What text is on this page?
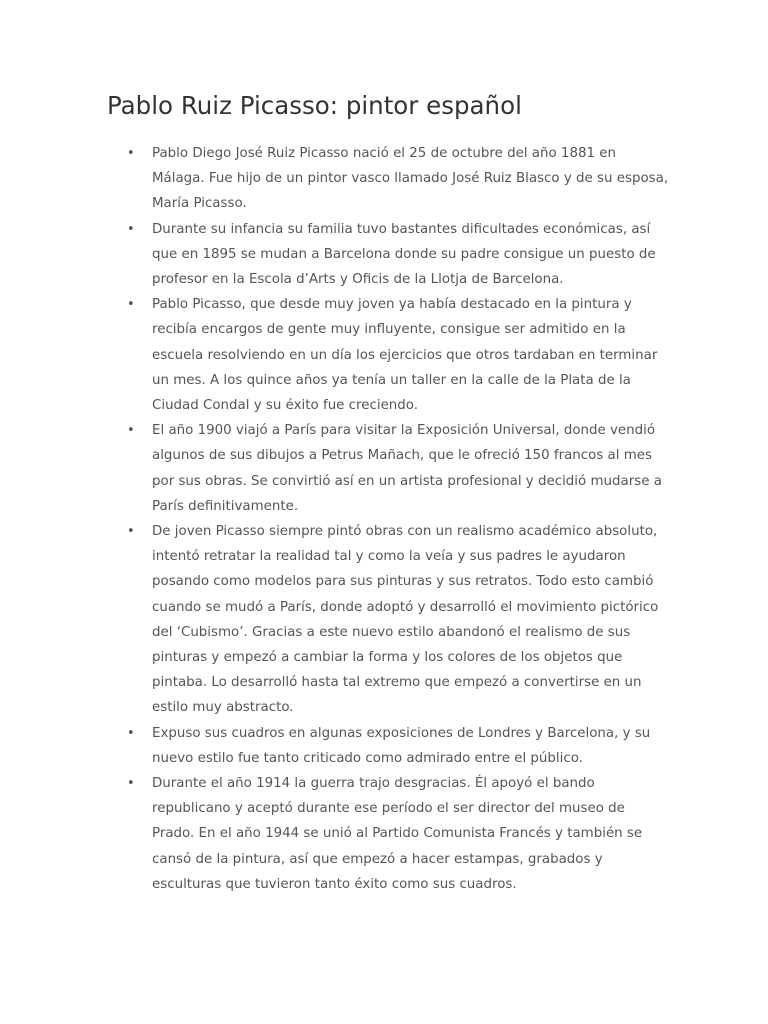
Pablo Ruiz Picasso: pintor español
• Pablo Diego José Ruiz Picasso nació el 25 de octubre del año 1881 en
Málaga. Fue hijo de un pintor vasco llamado José Ruiz Blasco y de su esposa,
María Picasso.
• Durante su infancia su familia tuvo bastantes dificultades económicas, así
que en 1895 se mudan a Barcelona donde su padre consigue un puesto de
profesor en la Escola d’Arts y Oficis de la Llotja de Barcelona.
• Pablo Picasso, que desde muy joven ya había destacado en la pintura y
recibía encargos de gente muy influyente, consigue ser admitido en la
escuela resolviendo en un día los ejercicios que otros tardaban en terminar
un mes. A los quince años ya tenía un taller en la calle de la Plata de la
Ciudad Condal y su éxito fue creciendo.
• El año 1900 viajó a París para visitar la Exposición Universal, donde vendió
algunos de sus dibujos a Petrus Mañach, que le ofreció 150 francos al mes
por sus obras. Se convirtió así en un artista profesional y decidió mudarse a
París definitivamente.
• De joven Picasso siempre pintó obras con un realismo académico absoluto,
intentó retratar la realidad tal y como la veía y sus padres le ayudaron
posando como modelos para sus pinturas y sus retratos. Todo esto cambió
cuando se mudó a París, donde adoptó y desarrolló el movimiento pictórico
del ‘Cubismo’. Gracias a este nuevo estilo abandonó el realismo de sus
pinturas y empezó a cambiar la forma y los colores de los objetos que
pintaba. Lo desarrolló hasta tal extremo que empezó a convertirse en un
estilo muy abstracto.
• Expuso sus cuadros en algunas exposiciones de Londres y Barcelona, y su
nuevo estilo fue tanto criticado como admirado entre el público.
• Durante el año 1914 la guerra trajo desgracias. Él apoyó el bando
republicano y aceptó durante ese período el ser director del museo de
Prado. En el año 1944 se unió al Partido Comunista Francés y también se
cansó de la pintura, así que empezó a hacer estampas, grabados y
esculturas que tuvieron tanto éxito como sus cuadros.
